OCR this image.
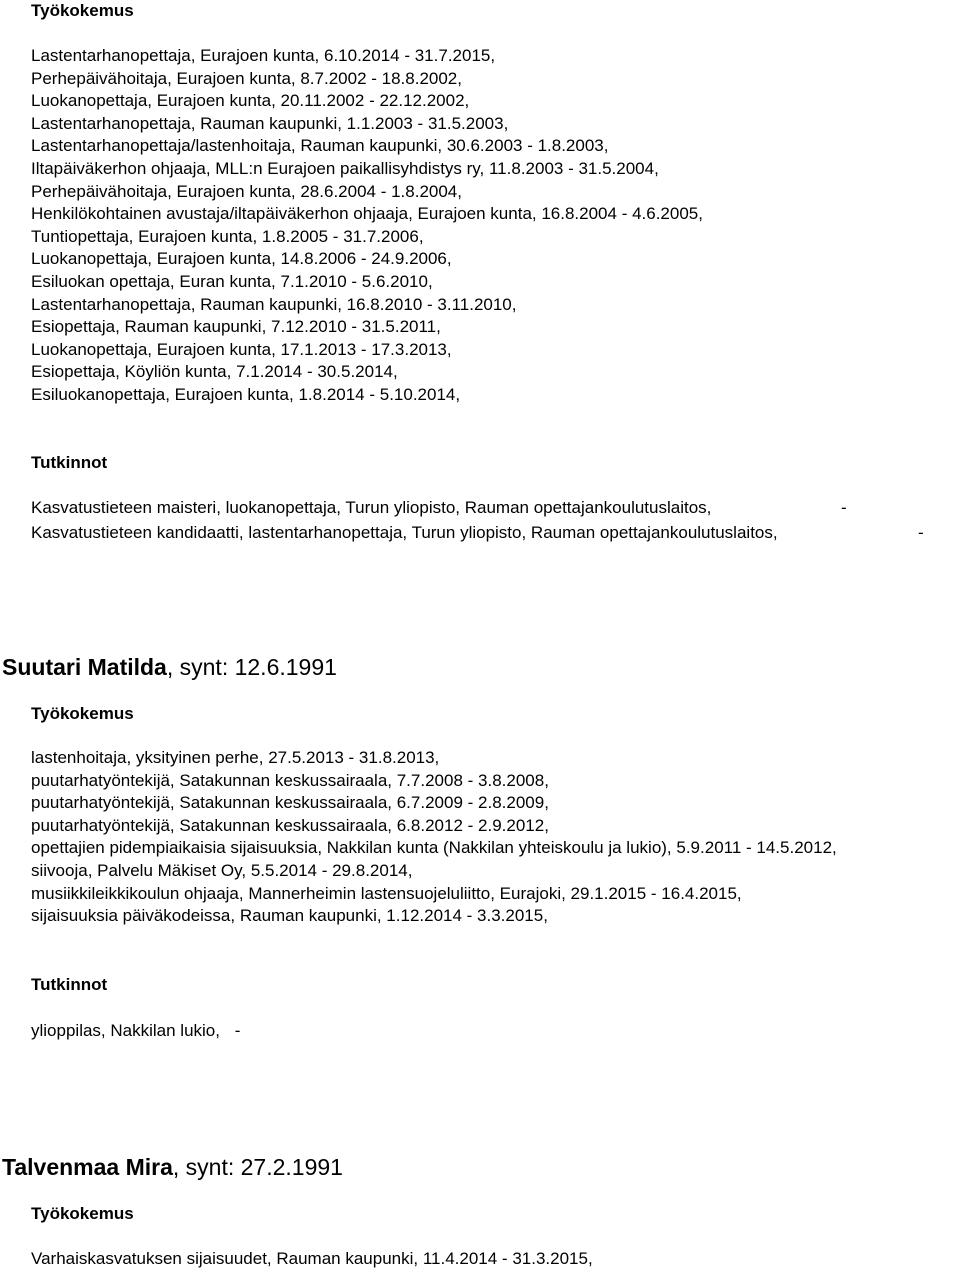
Työkokemus
Lastentarhanopettaja, Eurajoen kunta, 6.10.2014 - 31.7.2015,
Perhepäivähoitaja, Eurajoen kunta, 8.7.2002 - 18.8.2002,
Luokanopettaja, Eurajoen kunta, 20.11.2002 - 22.12.2002,
Lastentarhanopettaja, Rauman kaupunki, 1.1.2003 - 31.5.2003,
Lastentarhanopettaja/lastenhoitaja, Rauman kaupunki, 30.6.2003 - 1.8.2003,
Iltapäiväkerhon ohjaaja, MLL:n Eurajoen paikallisyhdistys ry, 11.8.2003 - 31.5.2004,
Perhepäivähoitaja, Eurajoen kunta, 28.6.2004 - 1.8.2004,
Henkilökohtainen avustaja/iltapäiväkerhon ohjaaja, Eurajoen kunta, 16.8.2004 - 4.6.2005,
Tuntiopettaja, Eurajoen kunta, 1.8.2005 - 31.7.2006,
Luokanopettaja, Eurajoen kunta, 14.8.2006 - 24.9.2006,
Esiluokan opettaja, Euran kunta, 7.1.2010 - 5.6.2010,
Lastentarhanopettaja, Rauman kaupunki, 16.8.2010 - 3.11.2010,
Esiopettaja, Rauman kaupunki, 7.12.2010 - 31.5.2011,
Luokanopettaja, Eurajoen kunta, 17.1.2013 - 17.3.2013,
Esiopettaja, Köyliön kunta, 7.1.2014 - 30.5.2014,
Esiluokanopettaja, Eurajoen kunta, 1.8.2014 - 5.10.2014,
Tutkinnot
Kasvatustieteen maisteri, luokanopettaja, Turun yliopisto, Rauman opettajankoulutuslaitos,	-
Kasvatustieteen kandidaatti, lastentarhanopettaja, Turun yliopisto, Rauman opettajankoulutuslaitos,	-
Suutari Matilda, synt: 12.6.1991
Työkokemus
lastenhoitaja, yksityinen perhe, 27.5.2013 - 31.8.2013,
puutarhatyöntekijä, Satakunnan keskussairaala, 7.7.2008 - 3.8.2008,
puutarhatyöntekijä, Satakunnan keskussairaala, 6.7.2009 - 2.8.2009,
puutarhatyöntekijä, Satakunnan keskussairaala, 6.8.2012 - 2.9.2012,
opettajien pidempiaikaisia sijaisuuksia, Nakkilan kunta (Nakkilan yhteiskoulu ja lukio), 5.9.2011 - 14.5.2012,
siivooja, Palvelu Mäkiset Oy, 5.5.2014 - 29.8.2014,
musiikkileikkikoulun ohjaaja, Mannerheimin lastensuojeluliitto, Eurajoki, 29.1.2015 - 16.4.2015,
sijaisuuksia päiväkodeissa, Rauman kaupunki, 1.12.2014 - 3.3.2015,
Tutkinnot
ylioppilas, Nakkilan lukio, -
Talvenmaa Mira, synt: 27.2.1991
Työkokemus
Varhaiskasvatuksen sijaisuudet, Rauman kaupunki, 11.4.2014 - 31.3.2015,
